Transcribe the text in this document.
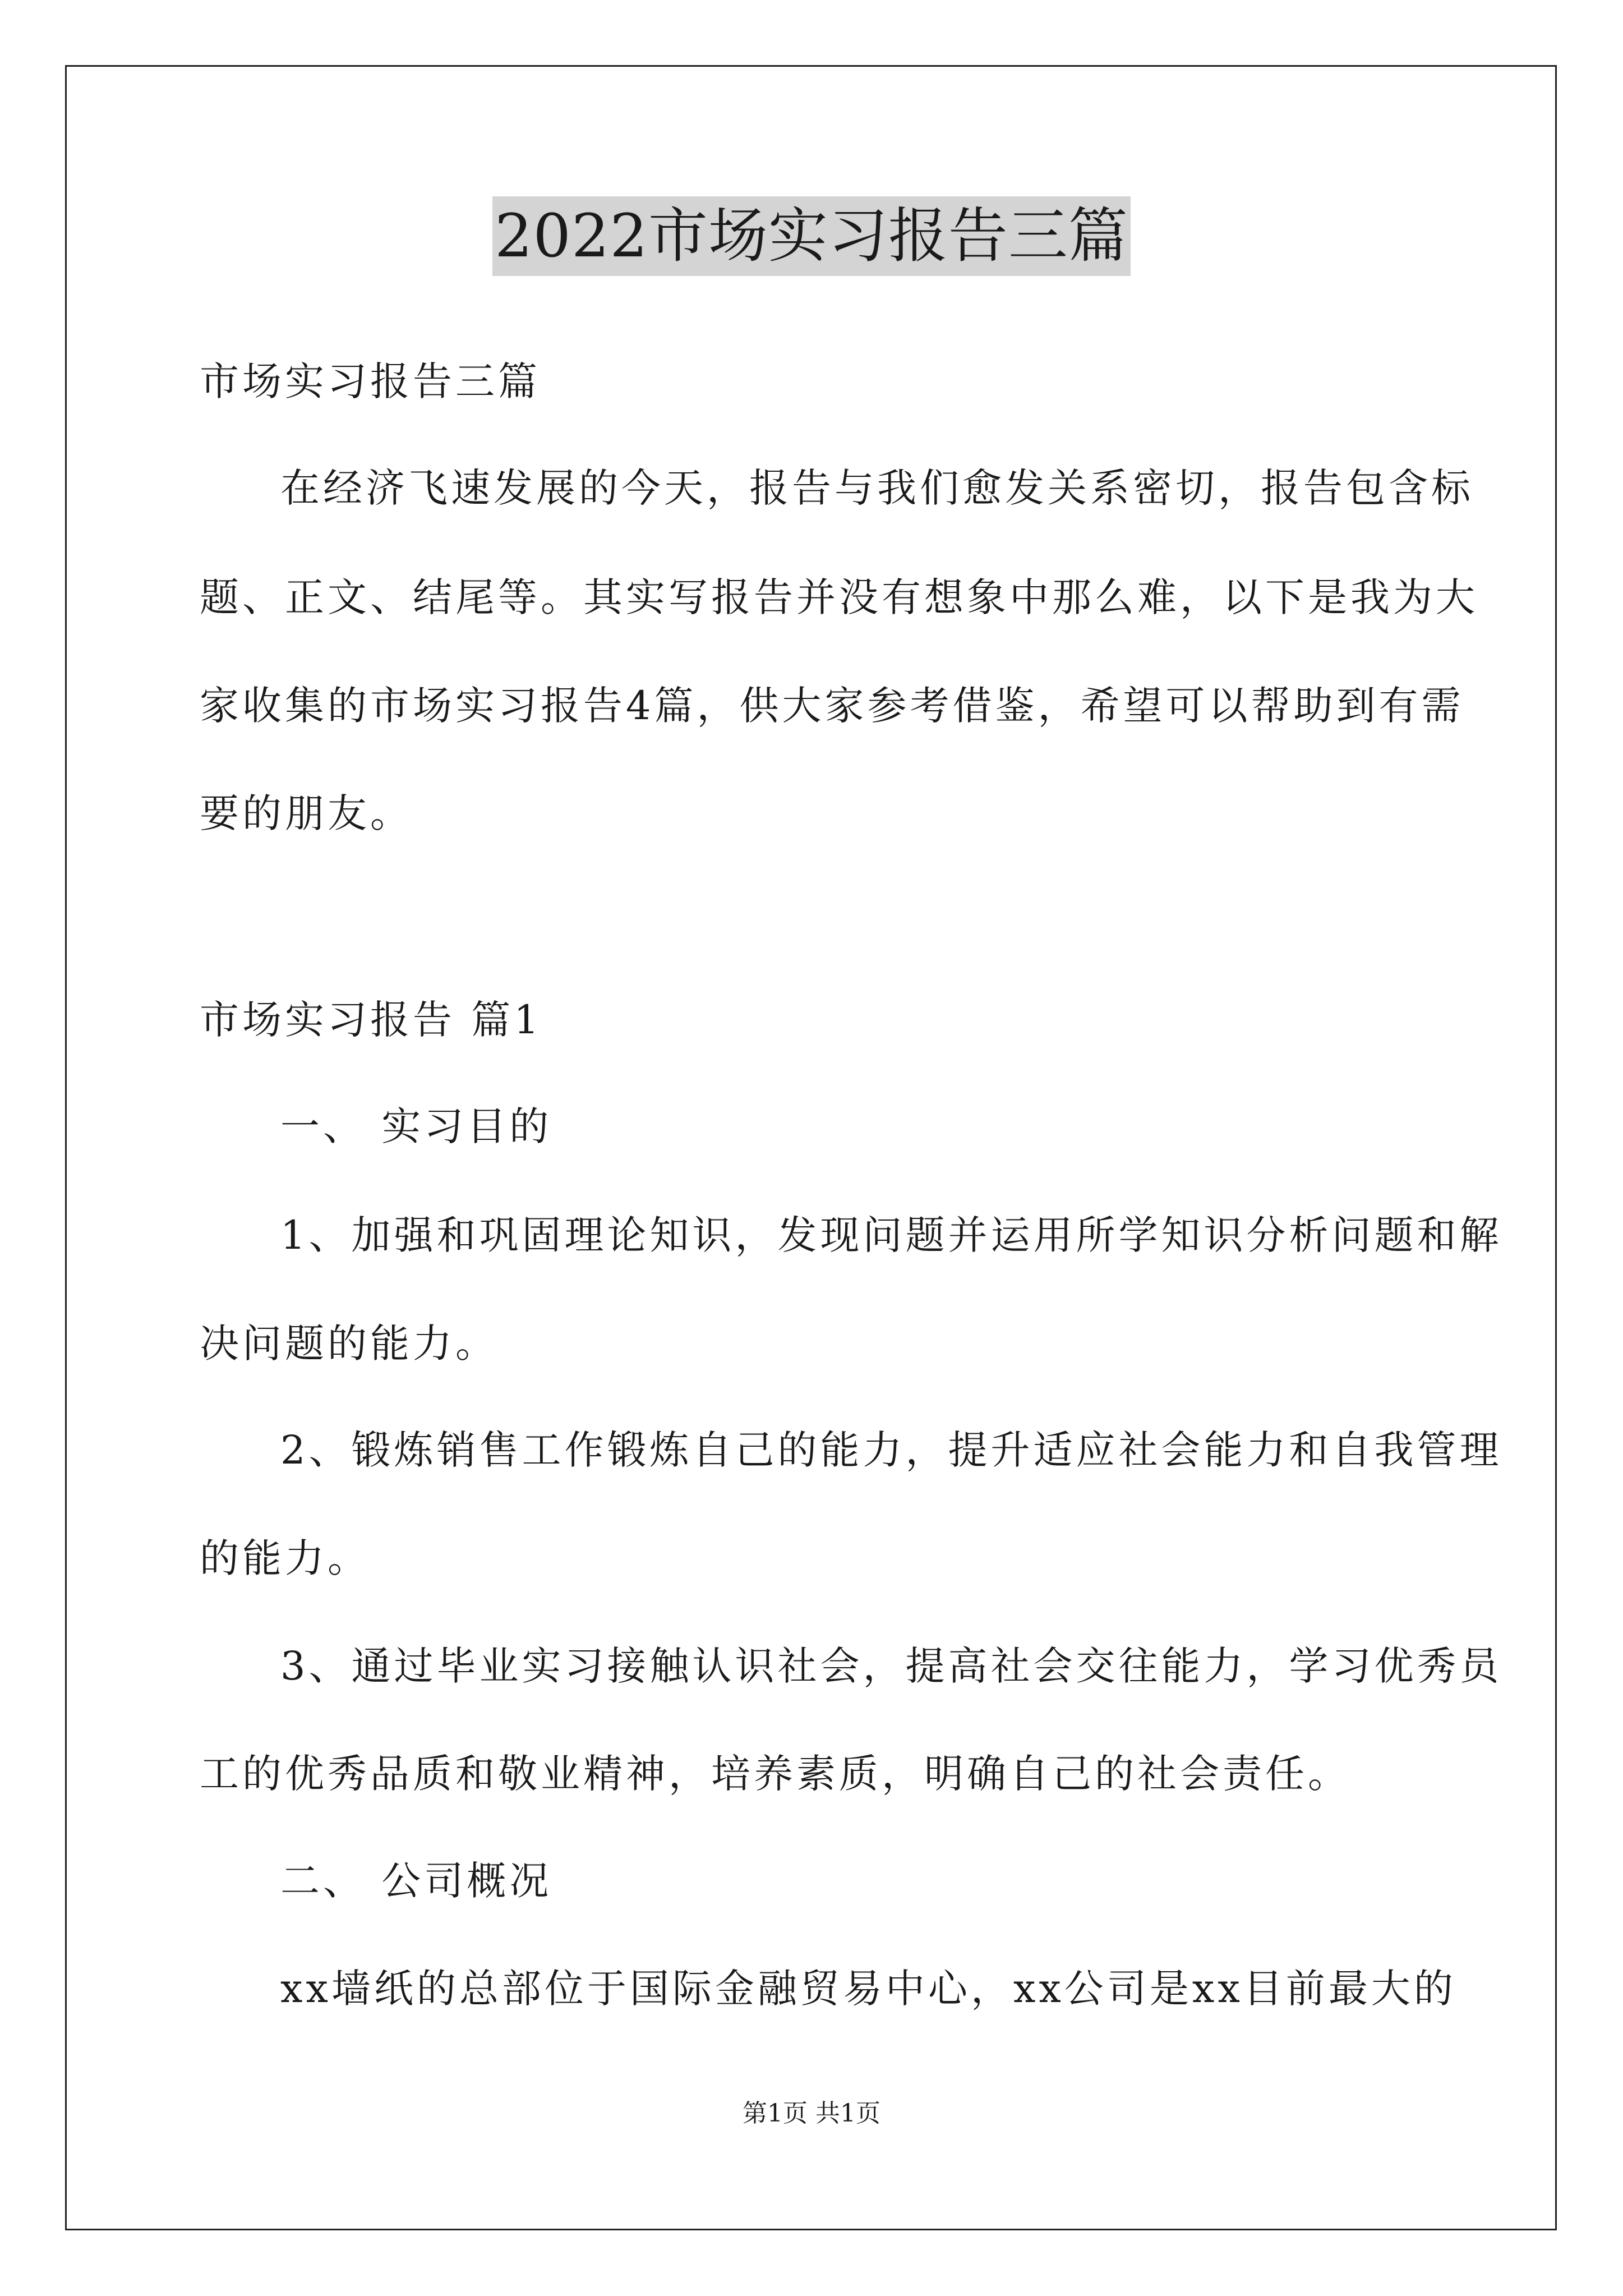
2022市场实习报告三篇
市场实习报告三篇
在经济飞速发展的今天，报告与我们愈发关系密切，报告包含标
题、正文、结尾等。其实写报告并没有想象中那么难，以下是我为大
家收集的市场实习报告4篇，供大家参考借鉴，希望可以帮助到有需
要的朋友。
市场实习报告 篇1
一、 实习目的
1、加强和巩固理论知识，发现问题并运用所学知识分析问题和解
决问题的能力。
2、锻炼销售工作锻炼自己的能力，提升适应社会能力和自我管理
的能力。
3、通过毕业实习接触认识社会，提高社会交往能力，学习优秀员
工的优秀品质和敬业精神，培养素质，明确自己的社会责任。
二、 公司概况
xx墙纸的总部位于国际金融贸易中心，xx公司是xx目前最大的
第1页 共1页
